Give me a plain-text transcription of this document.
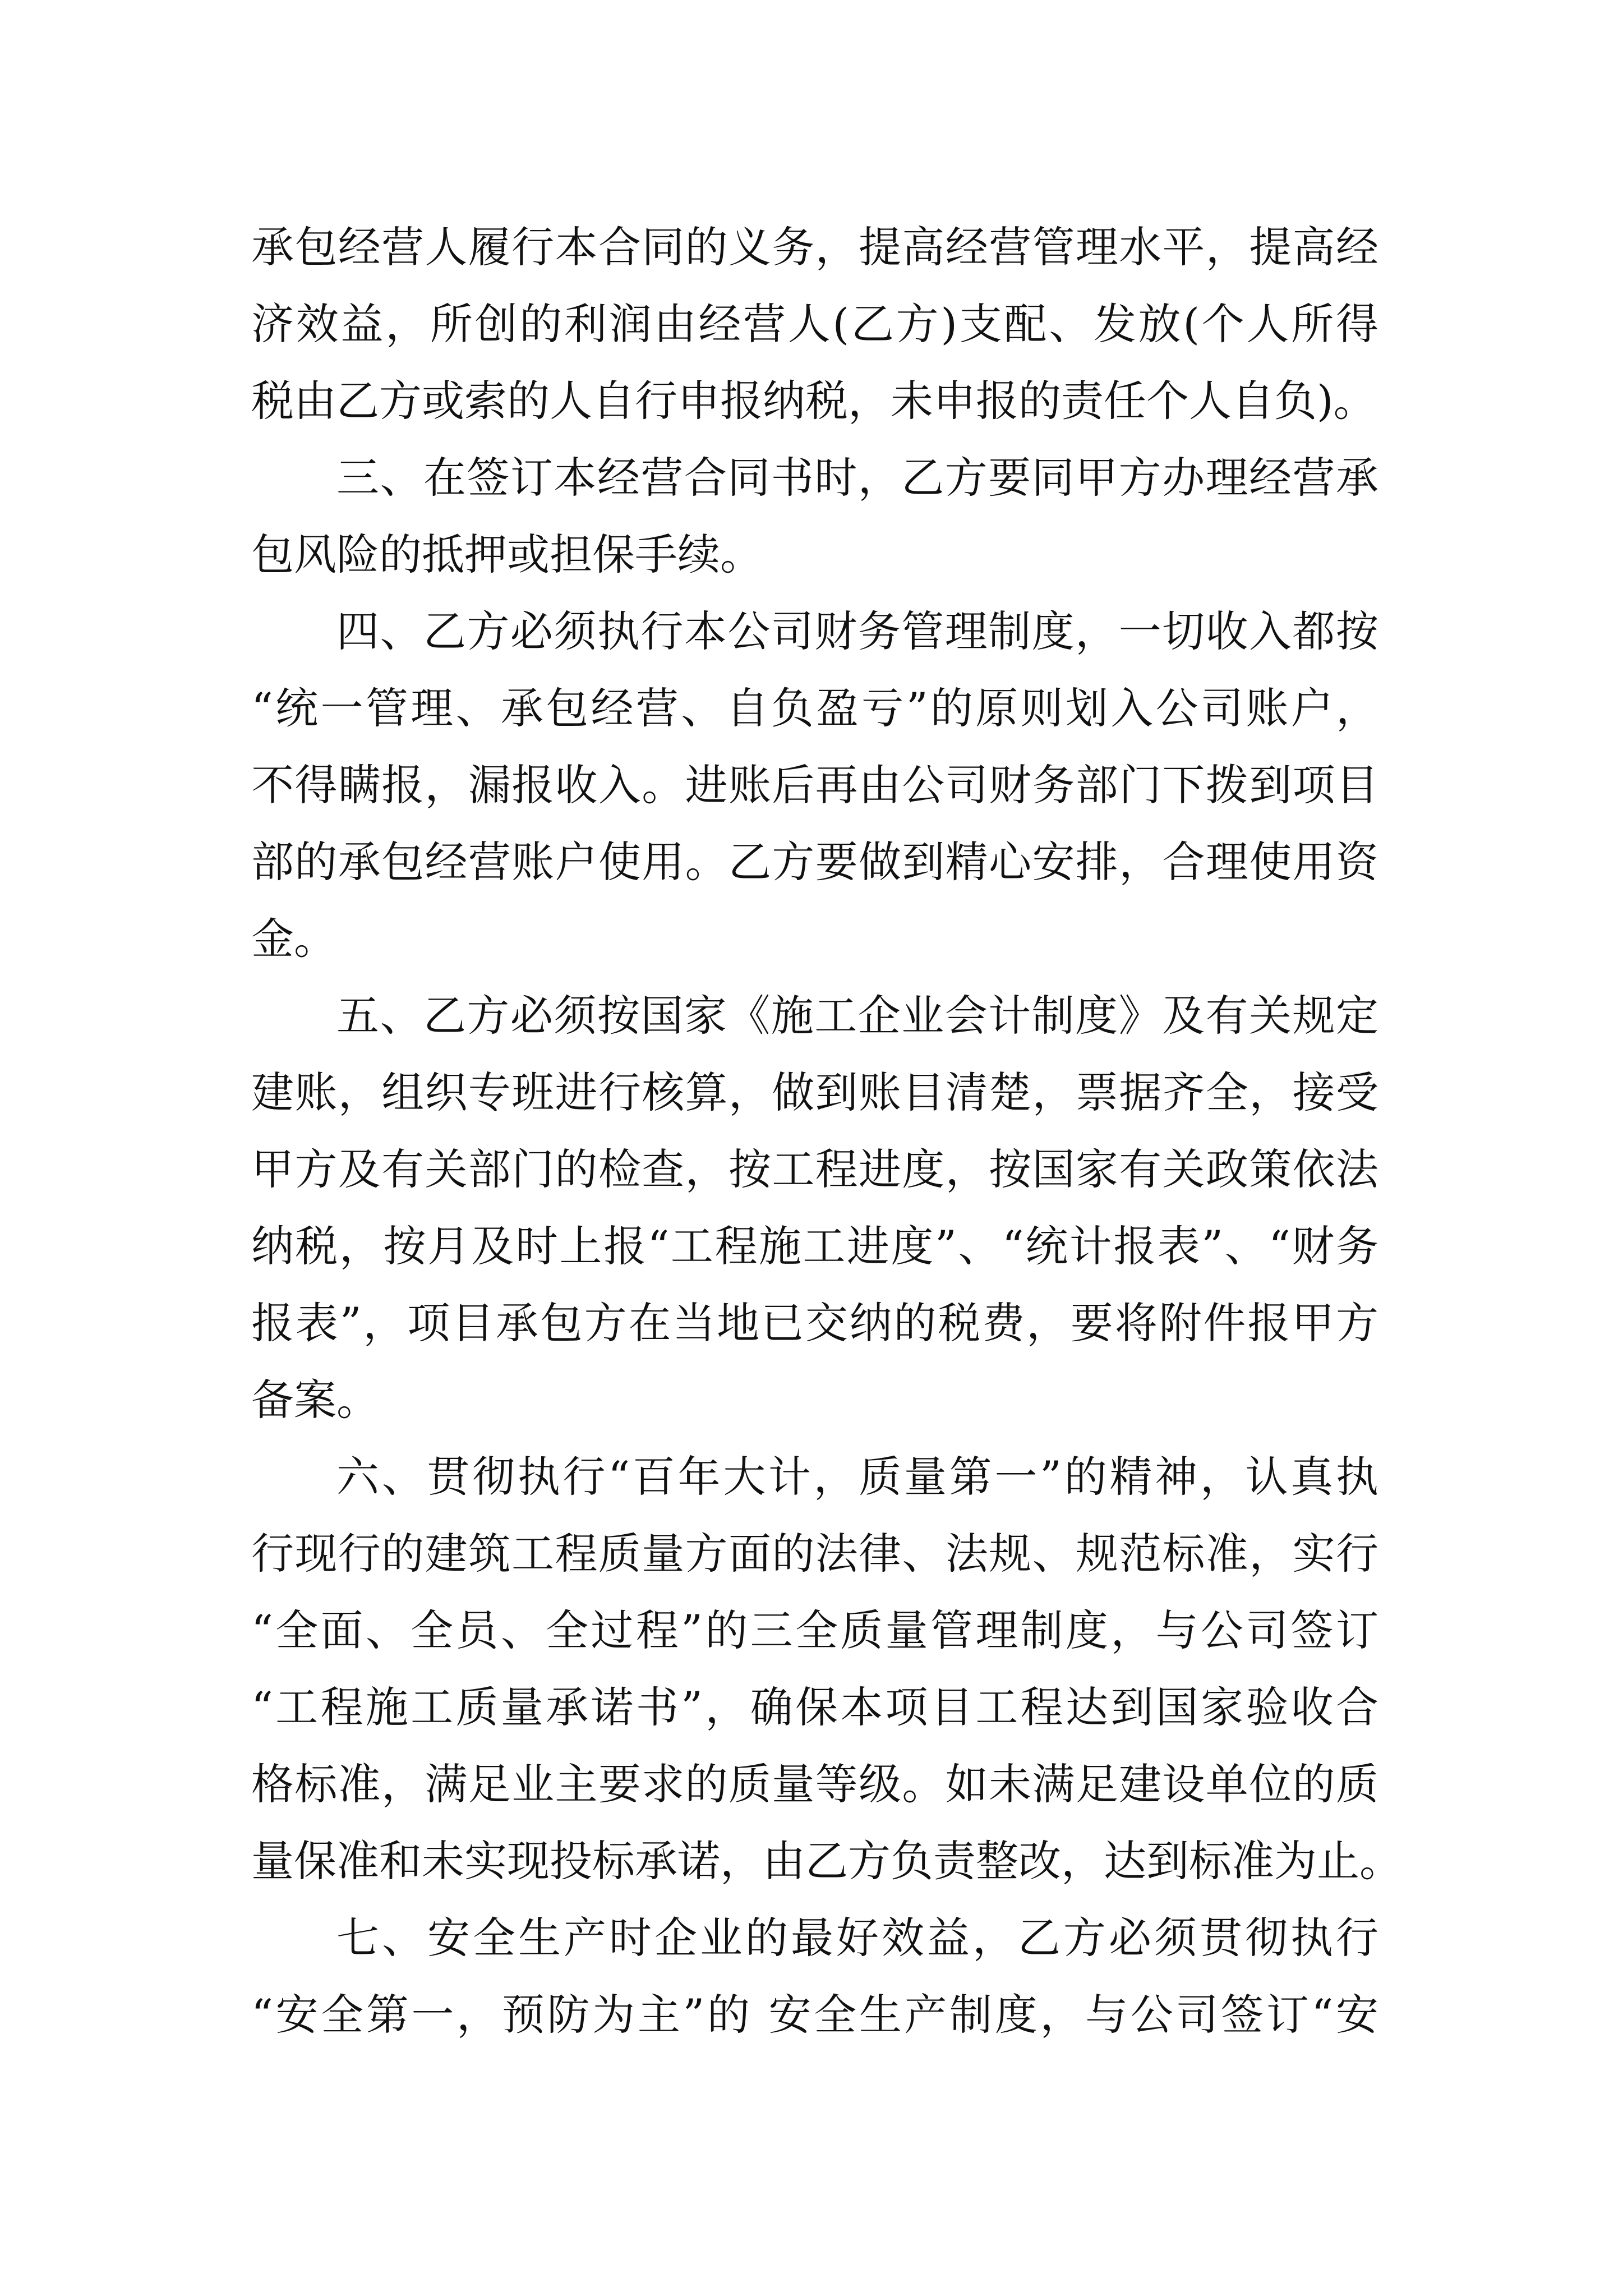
承包经营人履行本合同的义务，提高经营管理水平，提高经
济效益，所创的利润由经营人(乙方)支配、发放(个人所得
税由乙方或索的人自行申报纳税，未申报的责任个人自负)。
三、在签订本经营合同书时，乙方要同甲方办理经营承
包风险的抵押或担保手续。
四、乙方必须执行本公司财务管理制度，一切收入都按
“统一管理、承包经营、自负盈亏”的原则划入公司账户，
不得瞒报，漏报收入。进账后再由公司财务部门下拨到项目
部的承包经营账户使用。乙方要做到精心安排，合理使用资
金。
五、乙方必须按国家《施工企业会计制度》及有关规定
建账，组织专班进行核算，做到账目清楚，票据齐全，接受
甲方及有关部门的检查，按工程进度，按国家有关政策依法
纳税，按月及时上报“工程施工进度”、“统计报表”、“财务
报表”，项目承包方在当地已交纳的税费，要将附件报甲方
备案。
六、贯彻执行“百年大计，质量第一”的精神，认真执
行现行的建筑工程质量方面的法律、法规、规范标准，实行
“全面、全员、全过程”的三全质量管理制度，与公司签订
“工程施工质量承诺书”，确保本项目工程达到国家验收合
格标准，满足业主要求的质量等级。如未满足建设单位的质
量保准和未实现投标承诺，由乙方负责整改，达到标准为止。
七、安全生产时企业的最好效益，乙方必须贯彻执行
“安全第一，预防为主”的 安全生产制度，与公司签订“安
